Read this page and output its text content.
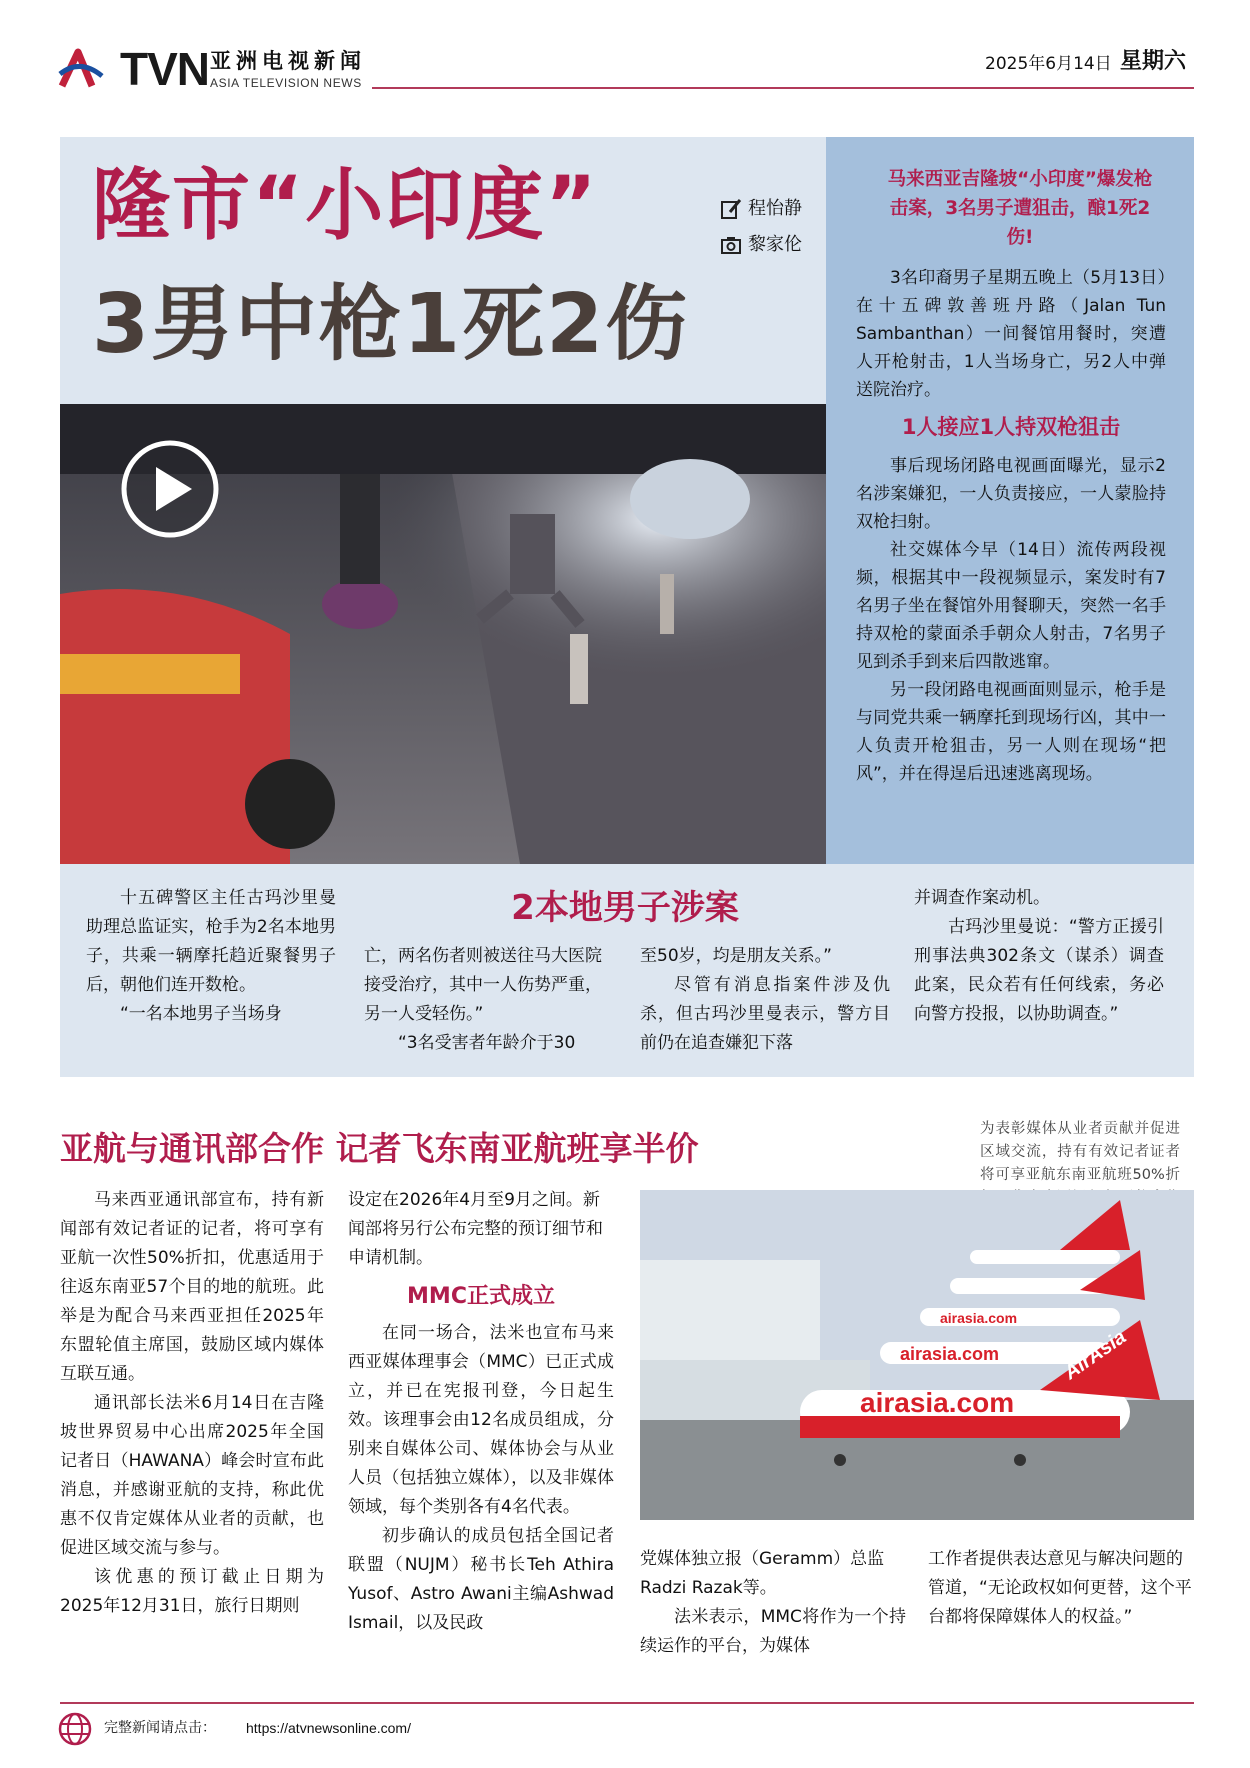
TVN 亚洲电视新闻
ASIA TELEVISION NEWS
2025年6月14日 星期六
隆市“小印度”
3男中枪1死2伤
程怡静
黎家伦
马来西亚吉隆坡“小印度”爆发枪击案，3名男子遭狙击，酿1死2伤!

3名印裔男子星期五晚上（5月13日）在十五碑敦善班丹路（Jalan Tun Sambanthan）一间餐馆用餐时，突遭人开枪射击，1人当场身亡，另2人中弹送院治疗。

1人接应1人持双枪狙击

事后现场闭路电视画面曝光，显示2名涉案嫌犯，一人负责接应，一人蒙脸持双枪扫射。

社交媒体今早（14日）流传两段视频，根据其中一段视频显示，案发时有7名男子坐在餐馆外用餐聊天，突然一名手持双枪的蒙面杀手朝众人射击，7名男子见到杀手到来后四散逃窜。

另一段闭路电视画面则显示，枪手是与同党共乘一辆摩托到现场行凶，其中一人负责开枪狙击，另一人则在现场“把风”，并在得逞后迅速逃离现场。

十五碑警区主任古玛沙里曼助理总监证实，枪手为2名本地男子，共乘一辆摩托趋近聚餐男子后，朝他们连开数枪。

“一名本地男子当场身

2本地男子涉案

亡，两名伤者则被送往马大医院接受治疗，其中一人伤势严重，另一人受轻伤。”

“3名受害者年龄介于30

至50岁，均是朋友关系。”

尽管有消息指案件涉及仇杀，但古玛沙里曼表示，警方目前仍在追查嫌犯下落

并调查作案动机。

古玛沙里曼说：“警方正援引刑事法典302条文（谋杀）调查此案，民众若有任何线索，务必向警方投报，以协助调查。”

亚航与通讯部合作 记者飞东南亚航班享半价	为表彰媒体从业者贡献并促进区域交流，持有有效记者证者将可享亚航东南亚航班50%折

马来西亚通讯部宣布，持有新闻部有效记者证的记者，将可享有亚航一次性50%折扣，优惠适用于往返东南亚57个目的地的航班。此举是为配合马来西亚担任2025年东盟轮值主席国，鼓励区域内媒体互联互通。

通讯部长法米6月14日在吉隆坡世界贸易中心出席2025年全国记者日（HAWANA）峰会时宣布此消息，并感谢亚航的支持，称此优惠不仅肯定媒体从业者的贡献，也促进区域交流与参与。

该优惠的预订截止日期为2025年12月31日，旅行日期则

设定在2026年4月至9月之间。新闻部将另行公布完整的预订细节和申请机制。

MMC正式成立

在同一场合，法米也宣布马来西亚媒体理事会（MMC）已正式成立，并已在宪报刊登，今日起生效。该理事会由12名成员组成，分别来自媒体公司、媒体协会与从业人员（包括独立媒体），以及非媒体领域，每个类别各有4名代表。

初步确认的成员包括全国记者联盟（NUJM）秘书长Teh Athira Yusof、Astro Awani主编Ashwad Ismail，以及民政

airasia.com
airasia.com
airasia.com
AirAsia

党媒体独立报（Geramm）总监Radzi Razak等。

法米表示，MMC将作为一个持续运作的平台，为媒体

工作者提供表达意见与解决问题的管道，“无论政权如何更替，这个平台都将保障媒体人的权益。”

完整新闻请点击： https://atvnewsonline.com/
